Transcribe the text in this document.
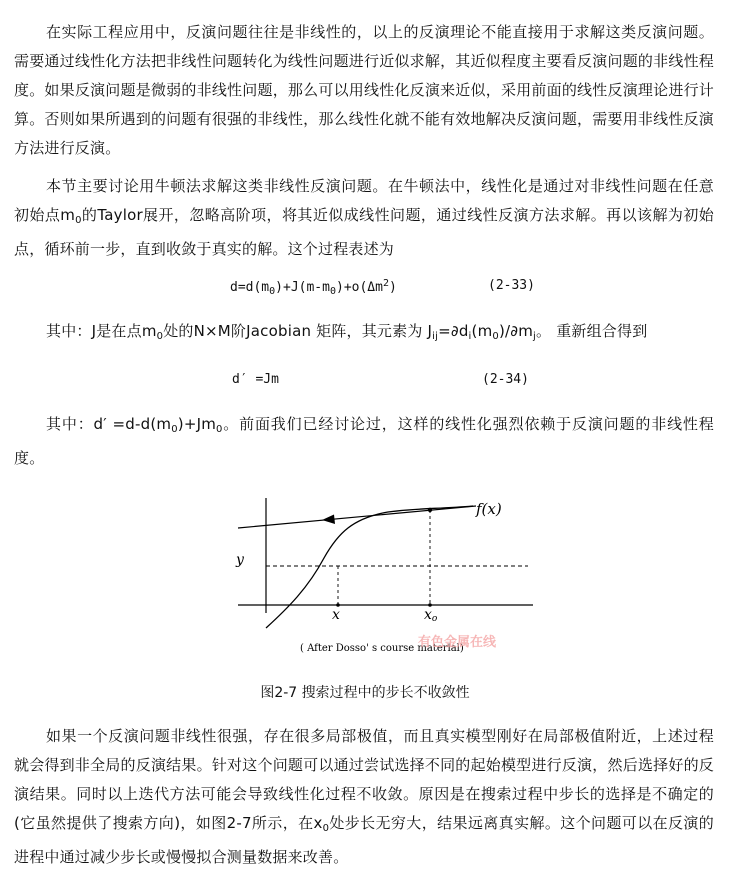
在实际工程应用中，反演问题往往是非线性的，以上的反演理论不能直接用于求解这类反演问题。需要通过线性化方法把非线性问题转化为线性问题进行近似求解，其近似程度主要看反演问题的非线性程度。如果反演问题是微弱的非线性问题，那么可以用线性化反演来近似，采用前面的线性反演理论进行计算。否则如果所遇到的问题有很强的非线性，那么线性化就不能有效地解决反演问题，需要用非线性反演方法进行反演。

本节主要讨论用牛顿法求解这类非线性反演问题。在牛顿法中，线性化是通过对非线性问题在任意初始点$m_0$的Taylor展开，忽略高阶项，将其近似成线性问题，通过线性反演方法求解。再以该解为初始点，循环前一步，直到收敛于真实的解。这个过程表述为

$d=d(m_0)+J(m-m_0)+o(\Delta m^2)$	(2-33)

其中：J是在点$m_0$处的N×M阶Jacobian 矩阵，其元素为 $J_{ij}=\partial d_i(m_0)/\partial m_j$。 重新组合得到

d′ =Jm	(2-34)

其中：$d' =d-d(m_0)+Jm_0$。前面我们已经讨论过，这样的线性化强烈依赖于反演问题的非线性程度。

f(x)
y
x	xo
( After Dosso' s course material)
有色金属在线
图2-7 搜索过程中的步长不收敛性

如果一个反演问题非线性很强，存在很多局部极值，而且真实模型刚好在局部极值附近，上述过程就会得到非全局的反演结果。针对这个问题可以通过尝试选择不同的起始模型进行反演，然后选择好的反演结果。同时以上迭代方法可能会导致线性化过程不收敛。原因是在搜索过程中步长的选择是不确定的(它虽然提供了搜索方向)，如图2-7所示，在$x_0$处步长无穷大，结果远离真实解。这个问题可以在反演的进程中通过减少步长或慢慢拟合测量数据来改善。
